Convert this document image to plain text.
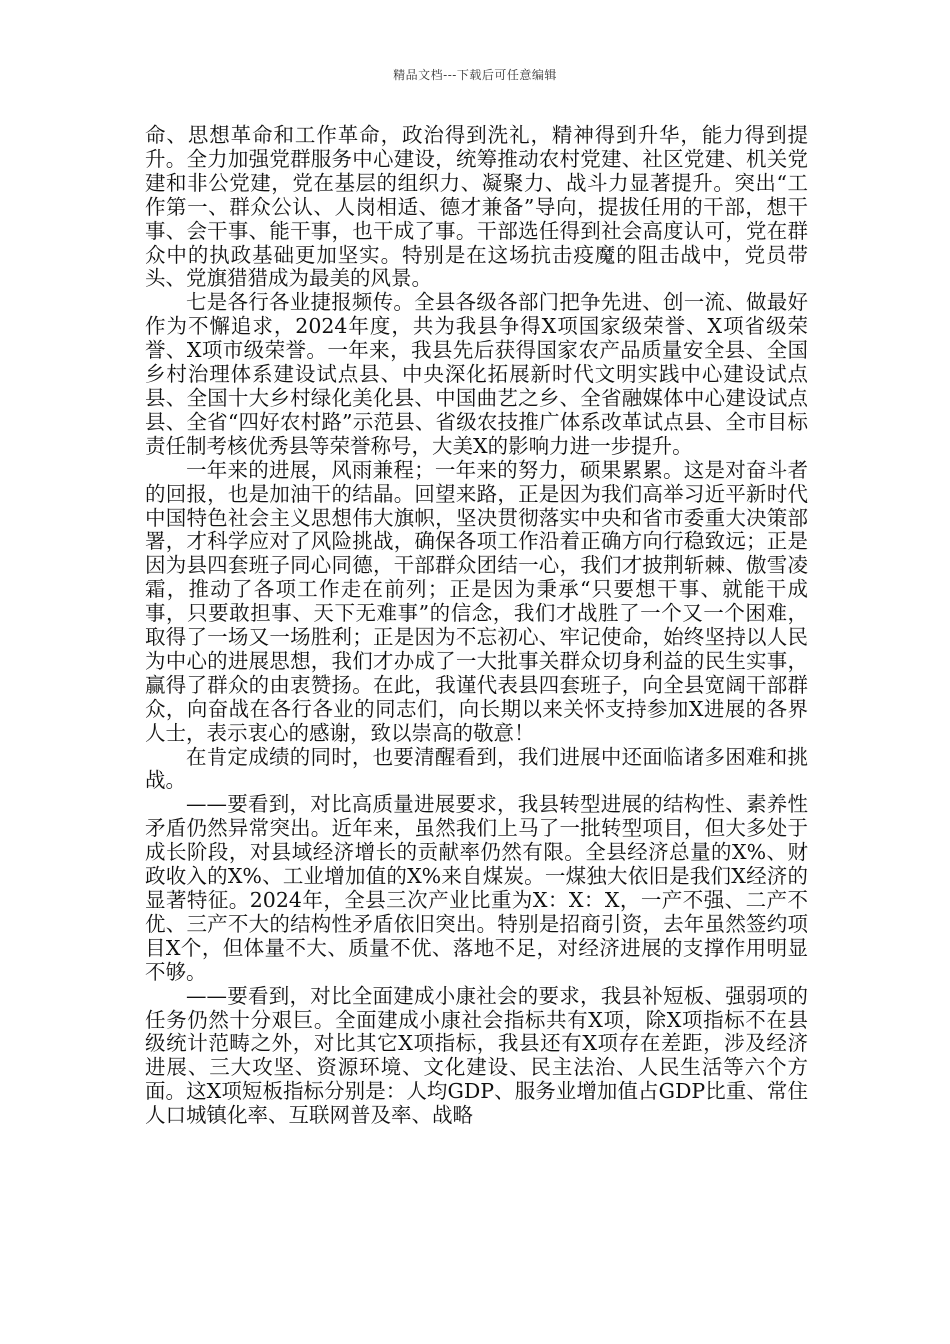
精品文档---下载后可任意编辑

命、思想革命和工作革命，政治得到洗礼，精神得到升华，能力得到提升。全力加强党群服务中心建设，统筹推动农村党建、社区党建、机关党建和非公党建，党在基层的组织力、凝聚力、战斗力显著提升。突出“工作第一、群众公认、人岗相适、德才兼备”导向，提拔任用的干部，想干事、会干事、能干事，也干成了事。干部选任得到社会高度认可，党在群众中的执政基础更加坚实。特别是在这场抗击疫魔的阻击战中，党员带头、党旗猎猎成为最美的风景。

七是各行各业捷报频传。全县各级各部门把争先进、创一流、做最好作为不懈追求，2024年度，共为我县争得X项国家级荣誉、X项省级荣誉、X项市级荣誉。一年来，我县先后获得国家农产品质量安全县、全国乡村治理体系建设试点县、中央深化拓展新时代文明实践中心建设试点县、全国十大乡村绿化美化县、中国曲艺之乡、全省融媒体中心建设试点县、全省“四好农村路”示范县、省级农技推广体系改革试点县、全市目标责任制考核优秀县等荣誉称号，大美X的影响力进一步提升。

一年来的进展，风雨兼程；一年来的努力，硕果累累。这是对奋斗者的回报，也是加油干的结晶。回望来路，正是因为我们高举习近平新时代中国特色社会主义思想伟大旗帜，坚决贯彻落实中央和省市委重大决策部署，才科学应对了风险挑战，确保各项工作沿着正确方向行稳致远；正是因为县四套班子同心同德，干部群众团结一心，我们才披荆斩棘、傲雪凌霜，推动了各项工作走在前列；正是因为秉承“只要想干事、就能干成事，只要敢担事、天下无难事”的信念，我们才战胜了一个又一个困难，取得了一场又一场胜利；正是因为不忘初心、牢记使命，始终坚持以人民为中心的进展思想，我们才办成了一大批事关群众切身利益的民生实事，赢得了群众的由衷赞扬。在此，我谨代表县四套班子，向全县宽阔干部群众，向奋战在各行各业的同志们，向长期以来关怀支持参加X进展的各界人士，表示衷心的感谢，致以崇高的敬意！

在肯定成绩的同时，也要清醒看到，我们进展中还面临诸多困难和挑战。

——要看到，对比高质量进展要求，我县转型进展的结构性、素养性矛盾仍然异常突出。近年来，虽然我们上马了一批转型项目，但大多处于成长阶段，对县域经济增长的贡献率仍然有限。全县经济总量的X%、财政收入的X%、工业增加值的X%来自煤炭。一煤独大依旧是我们X经济的显著特征。2024年，全县三次产业比重为X：X：X，一产不强、二产不优、三产不大的结构性矛盾依旧突出。特别是招商引资，去年虽然签约项目X个，但体量不大、质量不优、落地不足，对经济进展的支撑作用明显不够。

——要看到，对比全面建成小康社会的要求，我县补短板、强弱项的任务仍然十分艰巨。全面建成小康社会指标共有X项，除X项指标不在县级统计范畴之外，对比其它X项指标，我县还有X项存在差距，涉及经济进展、三大攻坚、资源环境、文化建设、民主法治、人民生活等六个方面。这X项短板指标分别是：人均GDP、服务业增加值占GDP比重、常住人口城镇化率、互联网普及率、战略
